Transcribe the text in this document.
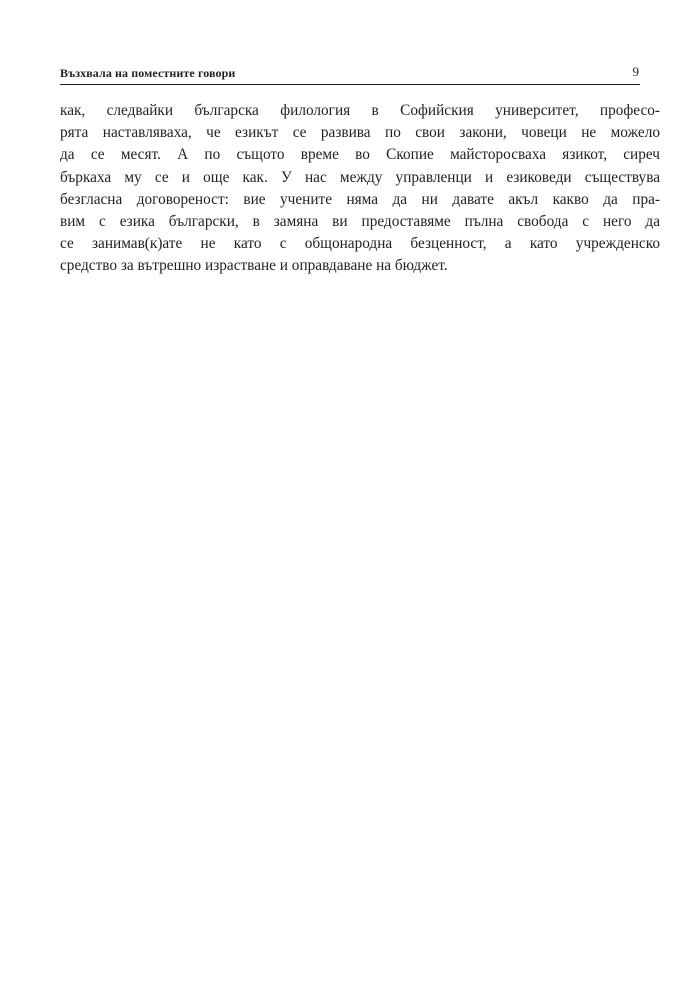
Възхвала на поместните говори	9
как, следвайки българска филология в Софийския университет, професо-
рята наставляваха, че езикът се развива по свои закони, човеци не можело
да се месят. А по същото време во Скопие майсторосваха язикот, сиреч
бъркаха му се и още как. У нас между управленци и езиковеди съществува
безгласна договореност: вие учените няма да ни давате акъл какво да пра-
вим с езика български, в замяна ви предоставяме пълна свобода с него да
се занимав(к)ате не като с общонародна безценност, а като учрежденско
средство за вътрешно израстване и оправдаване на бюджет.
